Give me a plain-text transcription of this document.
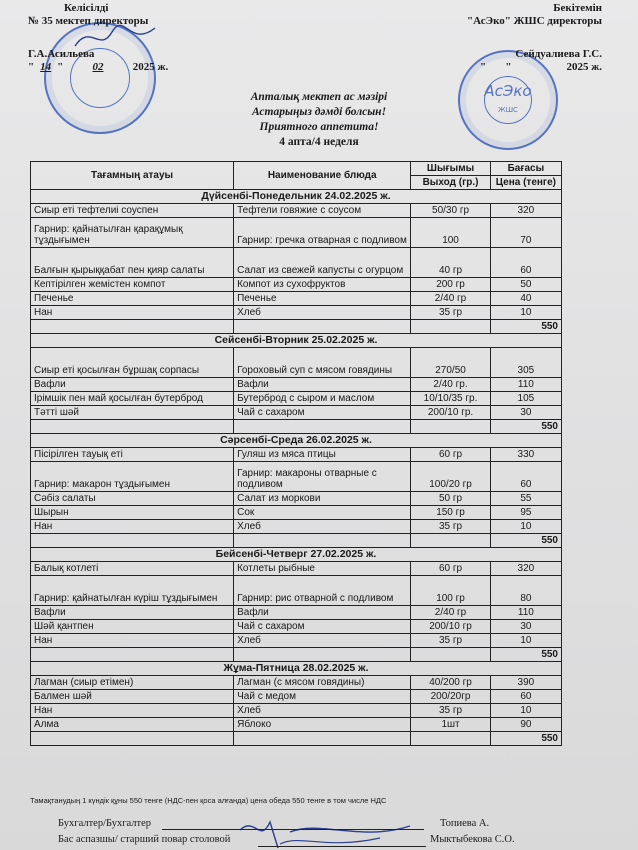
АсЭко
ЖШС
Келісілді
№ 35 мектеп директоры
Г.А.Асильева
" 14 "	02	2025 ж.
Бекітемін
"АсЭко" ЖШС директоры
Сейдуалиева Г.С.
"       "                    2025 ж.
Апталық мектеп ас мәзірі
Астарыңыз дәмді болсын!
Приятного аппетита!
4 апта/4 неделя
Тағамның атауы	Наименование блюда	Шығымы	Бағасы
		Выход (гр.)	Цена (тенге)
Дүйсенбі-Понедельник 24.02.2025 ж.			
Сиыр еті тефтелиі соуспен	Тефтели говяжие с соусом	50/30 гр	320
Гарнир: қайнатылған қарақұмық тұздығымен	Гарнир: гречка отварная с подливом	100	70
Балғын қырыққабат пен қияр салаты	Салат из свежей капусты с огурцом	40 гр	60
Кептірілген жемістен компот	Компот из сухофруктов	200 гр	50
Печенье	Печенье	2/40 гр	40
Нан	Хлеб	35 гр	10
			550
Сейсенбі-Вторник 25.02.2025 ж.			
Сиыр еті қосылған бұршақ сорпасы	Гороховый суп с мясом говядины	270/50	305
Вафли	Вафли	2/40 гр.	110
Ірімшік пен май қосылған бутерброд	Бутерброд с сыром и маслом	10/10/35 гр.	105
Тәтті шәй	Чай с сахаром	200/10 гр.	30
			550
Сәрсенбі-Среда 26.02.2025 ж.			
Пісірілген тауық еті	Гуляш из мяса птицы	60 гр	330
Гарнир: макарон тұздығымен	Гарнир: макароны отварные с подливом	100/20 гр	60
Сәбіз салаты	Салат из моркови	50 гр	55
Шырын	Сок	150 гр	95
Нан	Хлеб	35 гр	10
			550
Бейсенбі-Четверг 27.02.2025 ж.			
Балық котлеті	Котлеты рыбные	60 гр	320
Гарнир: қайнатылған күріш тұздығымен	Гарнир: рис отварной с подливом	100 гр	80
Вафли	Вафли	2/40 гр	110
Шәй қантпен	Чай с сахаром	200/10 гр	30
Нан	Хлеб	35 гр	10
			550
Жұма-Пятница 28.02.2025 ж.			
Лагман (сиыр етімен)	Лагман (с мясом говядины)	40/200 гр	390
Балмен шәй	Чай с медом	200/20гр	60
Нан	Хлеб	35 гр	10
Алма	Яблоко	1шт	90
			550
Тамақтанудың 1 күндік құны 550 тенге (НДС-пен қоса алғанда) цена обеда 550 тенге в том числе НДС
Бухгалтер/Бухгалтер	Топиева А.
Бас аспазшы/ старший повар столовой	Мыктыбекова С.О.
